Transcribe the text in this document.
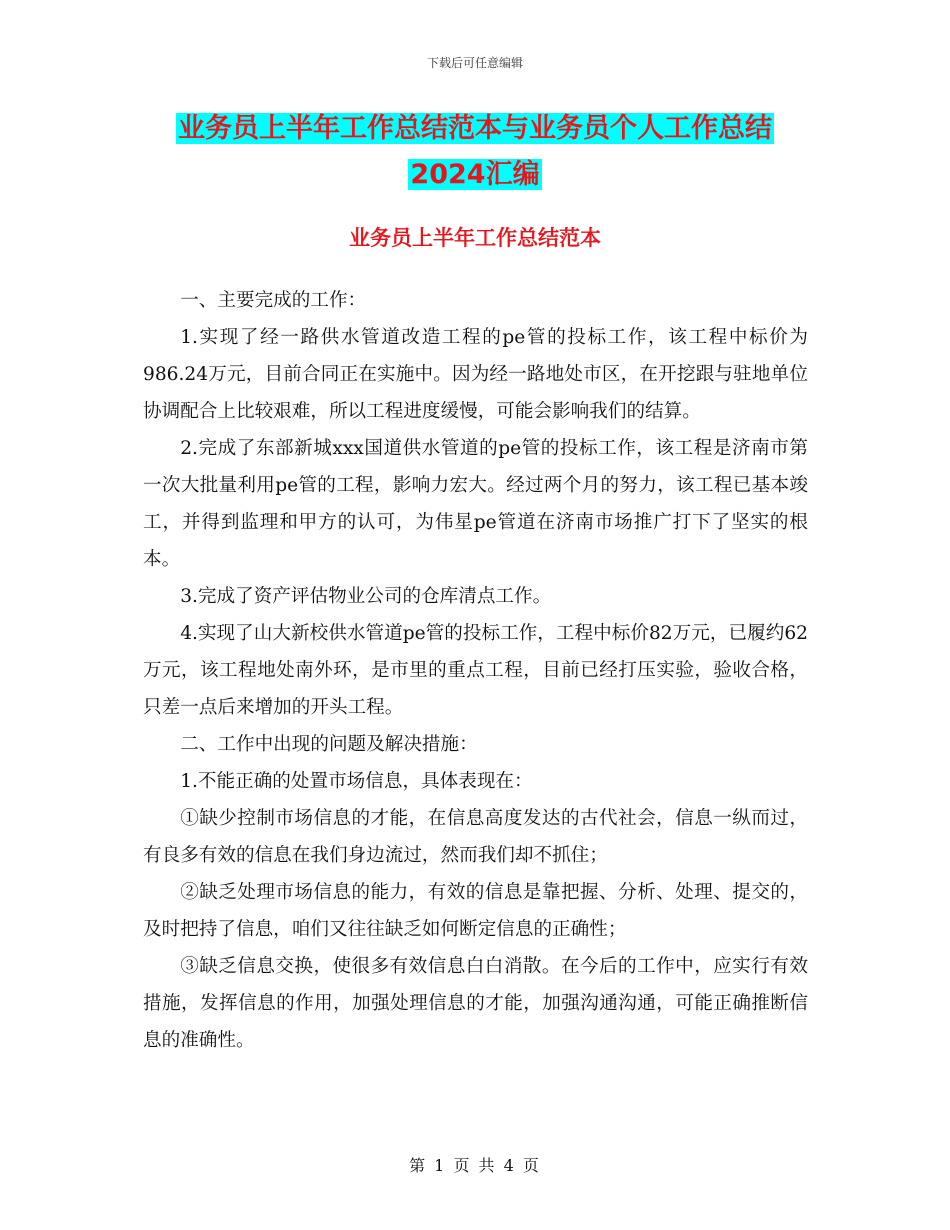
下载后可任意编辑
业务员上半年工作总结范本与业务员个人工作总结
2024汇编
业务员上半年工作总结范本

一、主要完成的工作：

1.实现了经一路供水管道改造工程的pe管的投标工作，该工程中标价为986.24万元，目前合同正在实施中。因为经一路地处市区，在开挖跟与驻地单位协调配合上比较艰难，所以工程进度缓慢，可能会影响我们的结算。

2.完成了东部新城xxx国道供水管道的pe管的投标工作，该工程是济南市第一次大批量利用pe管的工程，影响力宏大。经过两个月的努力，该工程已基本竣工，并得到监理和甲方的认可，为伟星pe管道在济南市场推广打下了坚实的根本。

3.完成了资产评估物业公司的仓库清点工作。

4.实现了山大新校供水管道pe管的投标工作，工程中标价82万元，已履约62万元，该工程地处南外环，是市里的重点工程，目前已经打压实验，验收合格，只差一点后来增加的开头工程。

二、工作中出现的问题及解决措施：

1.不能正确的处置市场信息，具体表现在：

①缺少控制市场信息的才能，在信息高度发达的古代社会，信息一纵而过，有良多有效的信息在我们身边流过，然而我们却不抓住；

②缺乏处理市场信息的能力，有效的信息是靠把握、分析、处理、提交的，及时把持了信息，咱们又往往缺乏如何断定信息的正确性；

③缺乏信息交换，使很多有效信息白白消散。在今后的工作中，应实行有效措施，发挥信息的作用，加强处理信息的才能，加强沟通沟通，可能正确推断信息的准确性。

第 1 页 共 4 页
